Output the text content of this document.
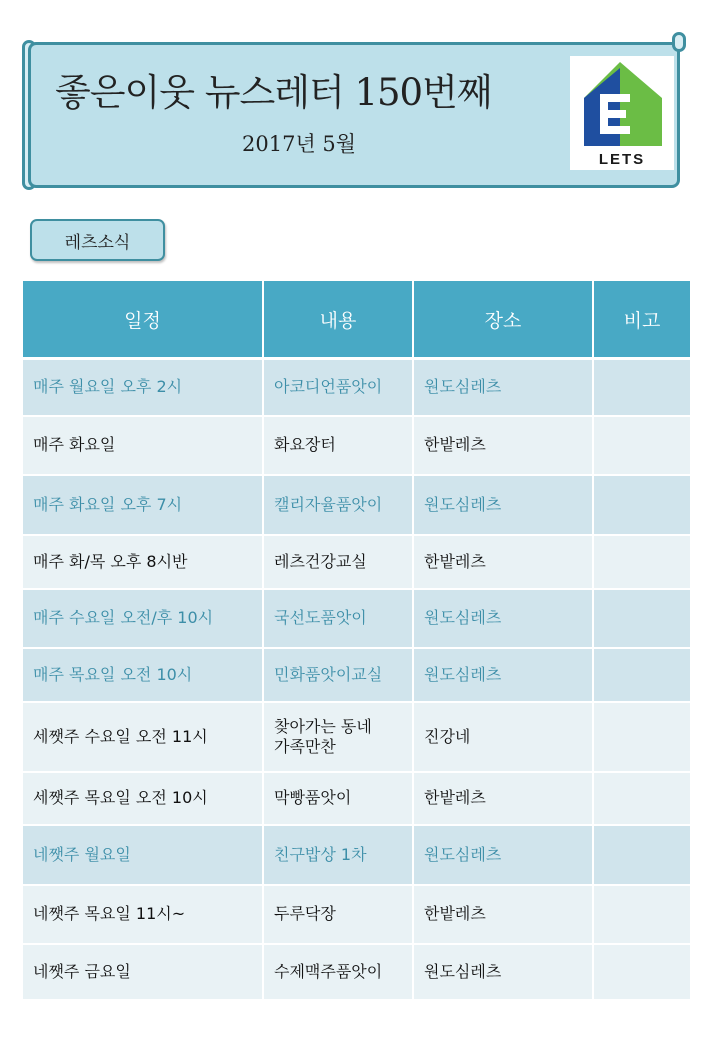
좋은이웃 뉴스레터 150번째
2017년 5월
LETS
레츠소식
일정	내용	장소	비고
매주 월요일 오후 2시	아코디언품앗이	원도심레츠	
매주 화요일	화요장터	한밭레츠	
매주 화요일 오후 7시	캘리자율품앗이	원도심레츠	
매주 화/목 오후 8시반	레츠건강교실	한밭레츠	
매주 수요일 오전/후 10시	국선도품앗이	원도심레츠	
매주 목요일 오전 10시	민화품앗이교실	원도심레츠	
세쨋주 수요일 오전 11시	찾아가는 동네 가족만찬	진강네	
세쨋주 목요일 오전 10시	막빵품앗이	한밭레츠	
네쨋주 월요일	친구밥상 1차	원도심레츠	
네쨋주 목요일 11시~	두루닥장	한밭레츠	
네쨋주 금요일	수제맥주품앗이	원도심레츠	
